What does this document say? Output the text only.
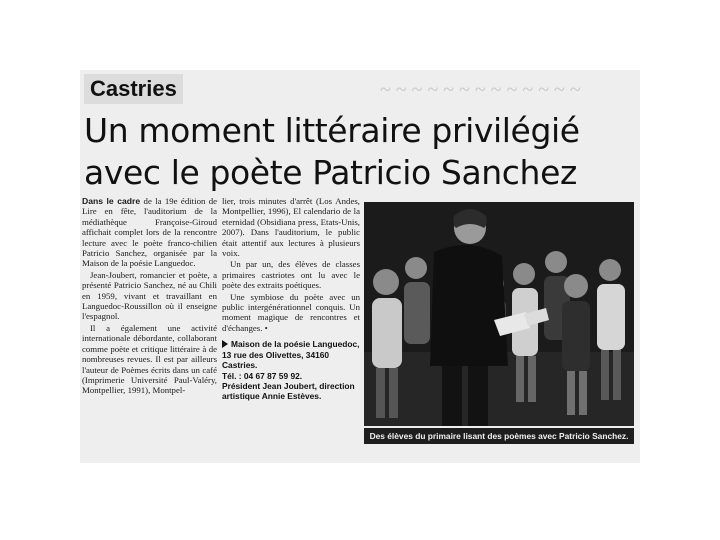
~ ~ ~ ~ ~ ~ ~ ~ ~ ~ ~ ~ ~
Castries
Un moment littéraire privilégié
avec le poète Patricio Sanchez

Dans le cadre de la 19e édition de Lire en fête, l'auditorium de la médiathèque Françoise-Giroud affichait complet lors de la rencontre lecture avec le poète franco-chilien Patricio Sanchez, organisée par la Maison de la poésie Languedoc.

Jean-Joubert, romancier et poète, a présenté Patricio Sanchez, né au Chili en 1959, vivant et travaillant en Languedoc-Roussillon où il enseigne l'espagnol.

Il a également une activité internationale débordante, collaborant comme poète et critique littéraire à de nombreuses revues. Il est par ailleurs l'auteur de Poèmes écrits dans un café (Imprimerie Université Paul-Valéry, Montpellier, 1991), Montpel-

lier, trois minutes d'arrêt (Los Andes, Montpellier, 1996), El calendario de la eternidad (Obsidiana press, Etats-Unis, 2007). Dans l'auditorium, le public était attentif aux lectures à plusieurs voix.

Un par un, des élèves de classes primaires castriotes ont lu avec le poète des extraits poétiques.

Une symbiose du poète avec un public intergénérationnel conquis. Un moment magique de rencontres et d'échanges. •

Maison de la poésie Languedoc, 13 rue des Olivettes, 34160 Castries.
Tél. : 04 67 87 59 92.
Président Jean Joubert, direction artistique Annie Estèves.
Des élèves du primaire lisant des poèmes avec Patricio Sanchez.
